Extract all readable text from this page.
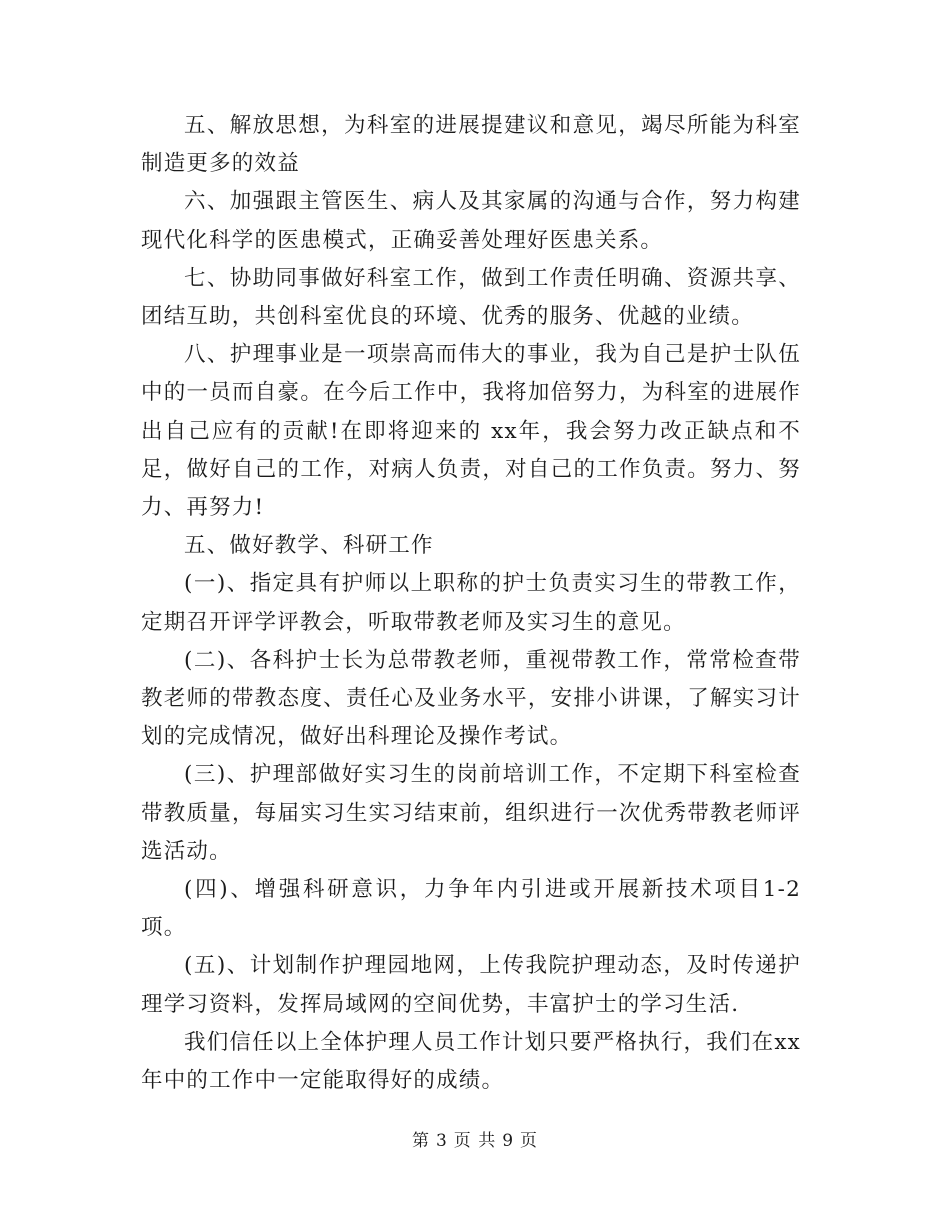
五、解放思想，为科室的进展提建议和意见，竭尽所能为科室制造更多的效益

六、加强跟主管医生、病人及其家属的沟通与合作，努力构建现代化科学的医患模式，正确妥善处理好医患关系。

七、协助同事做好科室工作，做到工作责任明确、资源共享、团结互助，共创科室优良的环境、优秀的服务、优越的业绩。

八、护理事业是一项崇高而伟大的事业，我为自己是护士队伍中的一员而自豪。在今后工作中，我将加倍努力，为科室的进展作出自己应有的贡献!在即将迎来的 xx年，我会努力改正缺点和不足，做好自己的工作，对病人负责，对自己的工作负责。努力、努力、再努力!

五、做好教学、科研工作

(一)、指定具有护师以上职称的护士负责实习生的带教工作，定期召开评学评教会，听取带教老师及实习生的意见。

(二)、各科护士长为总带教老师，重视带教工作，常常检查带教老师的带教态度、责任心及业务水平，安排小讲课，了解实习计划的完成情况，做好出科理论及操作考试。

(三)、护理部做好实习生的岗前培训工作，不定期下科室检查带教质量，每届实习生实习结束前，组织进行一次优秀带教老师评选活动。

(四)、增强科研意识，力争年内引进或开展新技术项目1-2项。

(五)、计划制作护理园地网，上传我院护理动态，及时传递护理学习资料，发挥局域网的空间优势，丰富护士的学习生活.

我们信任以上全体护理人员工作计划只要严格执行，我们在xx年中的工作中一定能取得好的成绩。

第 3 页 共 9 页
